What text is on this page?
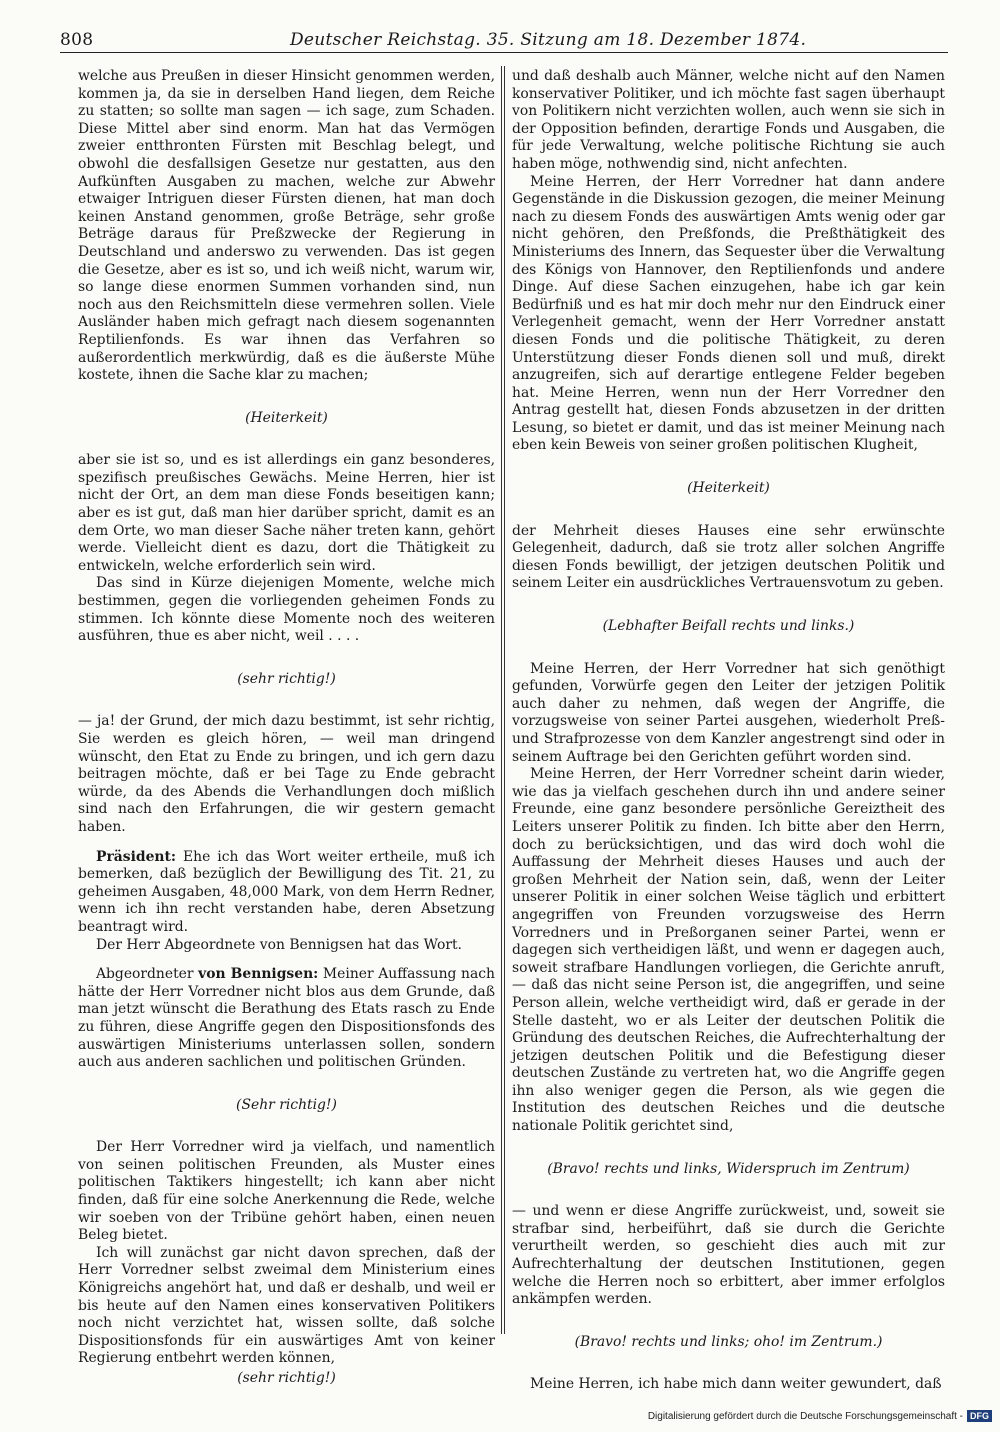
808	Deutscher Reichstag. 35. Sitzung am 18. Dezember 1874.

welche aus Preußen in dieser Hinsicht genommen werden, kommen ja, da sie in derselben Hand liegen, dem Reiche zu statten; so sollte man sagen — ich sage, zum Schaden. Diese Mittel aber sind enorm. Man hat das Vermögen zweier entthronten Fürsten mit Beschlag belegt, und obwohl die desfallsigen Gesetze nur gestatten, aus den Aufkünften Ausgaben zu machen, welche zur Abwehr etwaiger Intriguen dieser Fürsten dienen, hat man doch keinen Anstand genommen, große Beträge, sehr große Beträge daraus für Preßzwecke der Regierung in Deutschland und anderswo zu verwenden. Das ist gegen die Gesetze, aber es ist so, und ich weiß nicht, warum wir, so lange diese enormen Summen vorhanden sind, nun noch aus den Reichsmitteln diese vermehren sollen. Viele Ausländer haben mich gefragt nach diesem sogenannten Reptilienfonds. Es war ihnen das Verfahren so außerordentlich merkwürdig, daß es die äußerste Mühe kostete, ihnen die Sache klar zu machen;

(Heiterkeit)

aber sie ist so, und es ist allerdings ein ganz besonderes, spezifisch preußisches Gewächs. Meine Herren, hier ist nicht der Ort, an dem man diese Fonds beseitigen kann; aber es ist gut, daß man hier darüber spricht, damit es an dem Orte, wo man dieser Sache näher treten kann, gehört werde. Vielleicht dient es dazu, dort die Thätigkeit zu entwickeln, welche erforderlich sein wird.

Das sind in Kürze diejenigen Momente, welche mich bestimmen, gegen die vorliegenden geheimen Fonds zu stimmen. Ich könnte diese Momente noch des weiteren ausführen, thue es aber nicht, weil . . . .

(sehr richtig!)

— ja! der Grund, der mich dazu bestimmt, ist sehr richtig, Sie werden es gleich hören, — weil man dringend wünscht, den Etat zu Ende zu bringen, und ich gern dazu beitragen möchte, daß er bei Tage zu Ende gebracht würde, da des Abends die Verhandlungen doch mißlich sind nach den Erfahrungen, die wir gestern gemacht haben.

Präsident: Ehe ich das Wort weiter ertheile, muß ich bemerken, daß bezüglich der Bewilligung des Tit. 21, zu geheimen Ausgaben, 48,000 Mark, von dem Herrn Redner, wenn ich ihn recht verstanden habe, deren Absetzung beantragt wird.

Der Herr Abgeordnete von Bennigsen hat das Wort.

Abgeordneter von Bennigsen: Meiner Auffassung nach hätte der Herr Vorredner nicht blos aus dem Grunde, daß man jetzt wünscht die Berathung des Etats rasch zu Ende zu führen, diese Angriffe gegen den Dispositionsfonds des auswärtigen Ministeriums unterlassen sollen, sondern auch aus anderen sachlichen und politischen Gründen.

(Sehr richtig!)

Der Herr Vorredner wird ja vielfach, und namentlich von seinen politischen Freunden, als Muster eines politischen Taktikers hingestellt; ich kann aber nicht finden, daß für eine solche Anerkennung die Rede, welche wir soeben von der Tribüne gehört haben, einen neuen Beleg bietet.

Ich will zunächst gar nicht davon sprechen, daß der Herr Vorredner selbst zweimal dem Ministerium eines Königreichs angehört hat, und daß er deshalb, und weil er bis heute auf den Namen eines konservativen Politikers noch nicht verzichtet hat, wissen sollte, daß solche Dispositionsfonds für ein auswärtiges Amt von keiner Regierung entbehrt werden können,

(sehr richtig!)

und daß deshalb auch Männer, welche nicht auf den Namen konservativer Politiker, und ich möchte fast sagen überhaupt von Politikern nicht verzichten wollen, auch wenn sie sich in der Opposition befinden, derartige Fonds und Ausgaben, die für jede Verwaltung, welche politische Richtung sie auch haben möge, nothwendig sind, nicht anfechten.

Meine Herren, der Herr Vorredner hat dann andere Gegenstände in die Diskussion gezogen, die meiner Meinung nach zu diesem Fonds des auswärtigen Amts wenig oder gar nicht gehören, den Preßfonds, die Preßthätigkeit des Ministeriums des Innern, das Sequester über die Verwaltung des Königs von Hannover, den Reptilienfonds und andere Dinge. Auf diese Sachen einzugehen, habe ich gar kein Bedürfniß und es hat mir doch mehr nur den Eindruck einer Verlegenheit gemacht, wenn der Herr Vorredner anstatt diesen Fonds und die politische Thätigkeit, zu deren Unterstützung dieser Fonds dienen soll und muß, direkt anzugreifen, sich auf derartige entlegene Felder begeben hat. Meine Herren, wenn nun der Herr Vorredner den Antrag gestellt hat, diesen Fonds abzusetzen in der dritten Lesung, so bietet er damit, und das ist meiner Meinung nach eben kein Beweis von seiner großen politischen Klugheit,

(Heiterkeit)

der Mehrheit dieses Hauses eine sehr erwünschte Gelegenheit, dadurch, daß sie trotz aller solchen Angriffe diesen Fonds bewilligt, der jetzigen deutschen Politik und seinem Leiter ein ausdrückliches Vertrauensvotum zu geben.

(Lebhafter Beifall rechts und links.)

Meine Herren, der Herr Vorredner hat sich genöthigt gefunden, Vorwürfe gegen den Leiter der jetzigen Politik auch daher zu nehmen, daß wegen der Angriffe, die vorzugsweise von seiner Partei ausgehen, wiederholt Preß- und Strafprozesse von dem Kanzler angestrengt sind oder in seinem Auftrage bei den Gerichten geführt worden sind.

Meine Herren, der Herr Vorredner scheint darin wieder, wie das ja vielfach geschehen durch ihn und andere seiner Freunde, eine ganz besondere persönliche Gereiztheit des Leiters unserer Politik zu finden. Ich bitte aber den Herrn, doch zu berücksichtigen, und das wird doch wohl die Auffassung der Mehrheit dieses Hauses und auch der großen Mehrheit der Nation sein, daß, wenn der Leiter unserer Politik in einer solchen Weise täglich und erbittert angegriffen von Freunden vorzugsweise des Herrn Vorredners und in Preßorganen seiner Partei, wenn er dagegen sich vertheidigen läßt, und wenn er dagegen auch, soweit strafbare Handlungen vorliegen, die Gerichte anruft, — daß das nicht seine Person ist, die angegriffen, und seine Person allein, welche vertheidigt wird, daß er gerade in der Stelle dasteht, wo er als Leiter der deutschen Politik die Gründung des deutschen Reiches, die Aufrechterhaltung der jetzigen deutschen Politik und die Befestigung dieser deutschen Zustände zu vertreten hat, wo die Angriffe gegen ihn also weniger gegen die Person, als wie gegen die Institution des deutschen Reiches und die deutsche nationale Politik gerichtet sind,

(Bravo! rechts und links, Widerspruch im Zentrum)

— und wenn er diese Angriffe zurückweist, und, soweit sie strafbar sind, herbeiführt, daß sie durch die Gerichte verurtheilt werden, so geschieht dies auch mit zur Aufrechterhaltung der deutschen Institutionen, gegen welche die Herren noch so erbittert, aber immer erfolglos ankämpfen werden.

(Bravo! rechts und links; oho! im Zentrum.)

Meine Herren, ich habe mich dann weiter gewundert, daß

Digitalisierung gefördert durch die Deutsche Forschungsgemeinschaft - DFG
